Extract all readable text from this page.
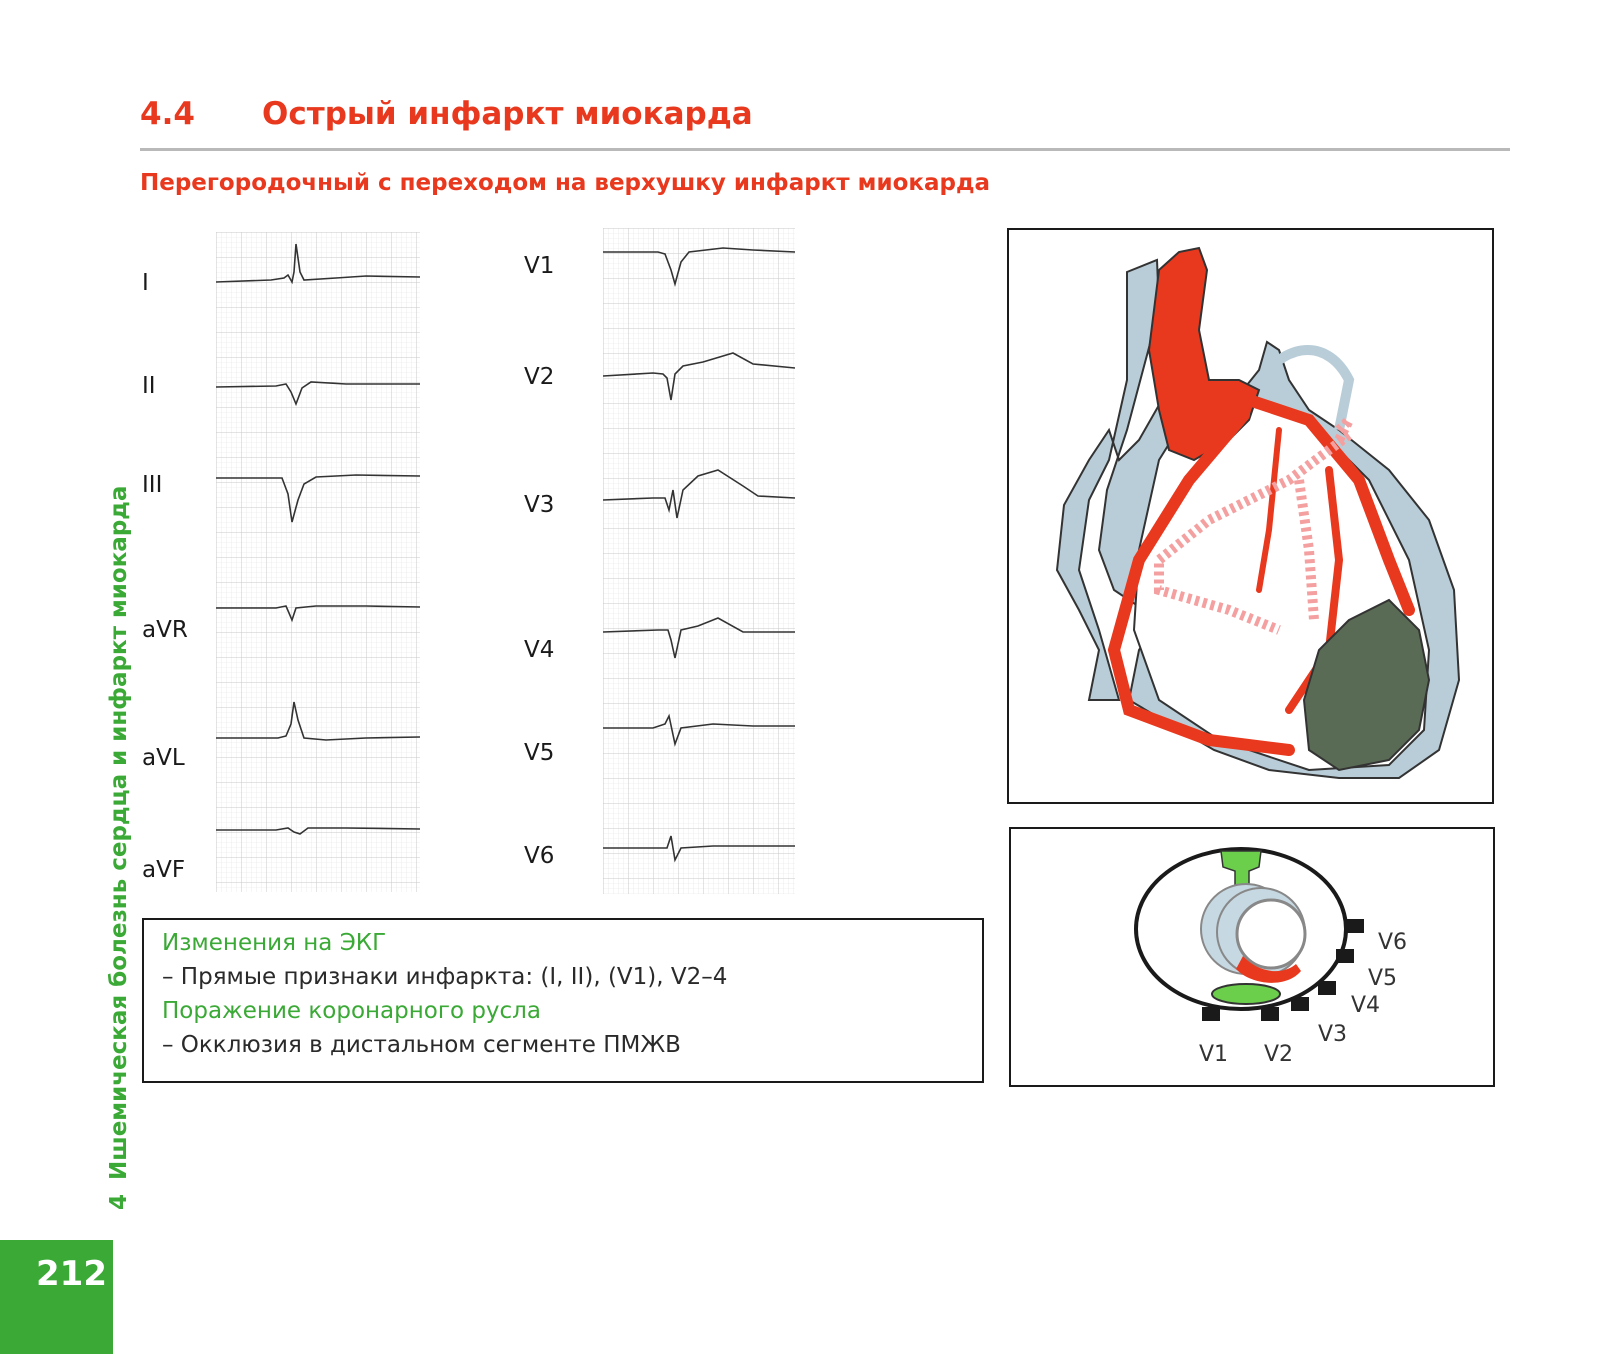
4.4 Острый инфаркт миокарда
Перегородочный с переходом на верхушку инфаркт миокарда
I
II
III
aVR
aVL
aVF
V1
V2
V3
V4
V5
V6
Изменения на ЭКГ
– Прямые признаки инфаркта: (I, II), (V1), V2–4
Поражение коронарного русла
– Окклюзия в дистальном сегменте ПМЖВ	V1 V2
V3
V4
V5
V6
4Ишемическая болезнь сердца и инфаркт миокарда
212
